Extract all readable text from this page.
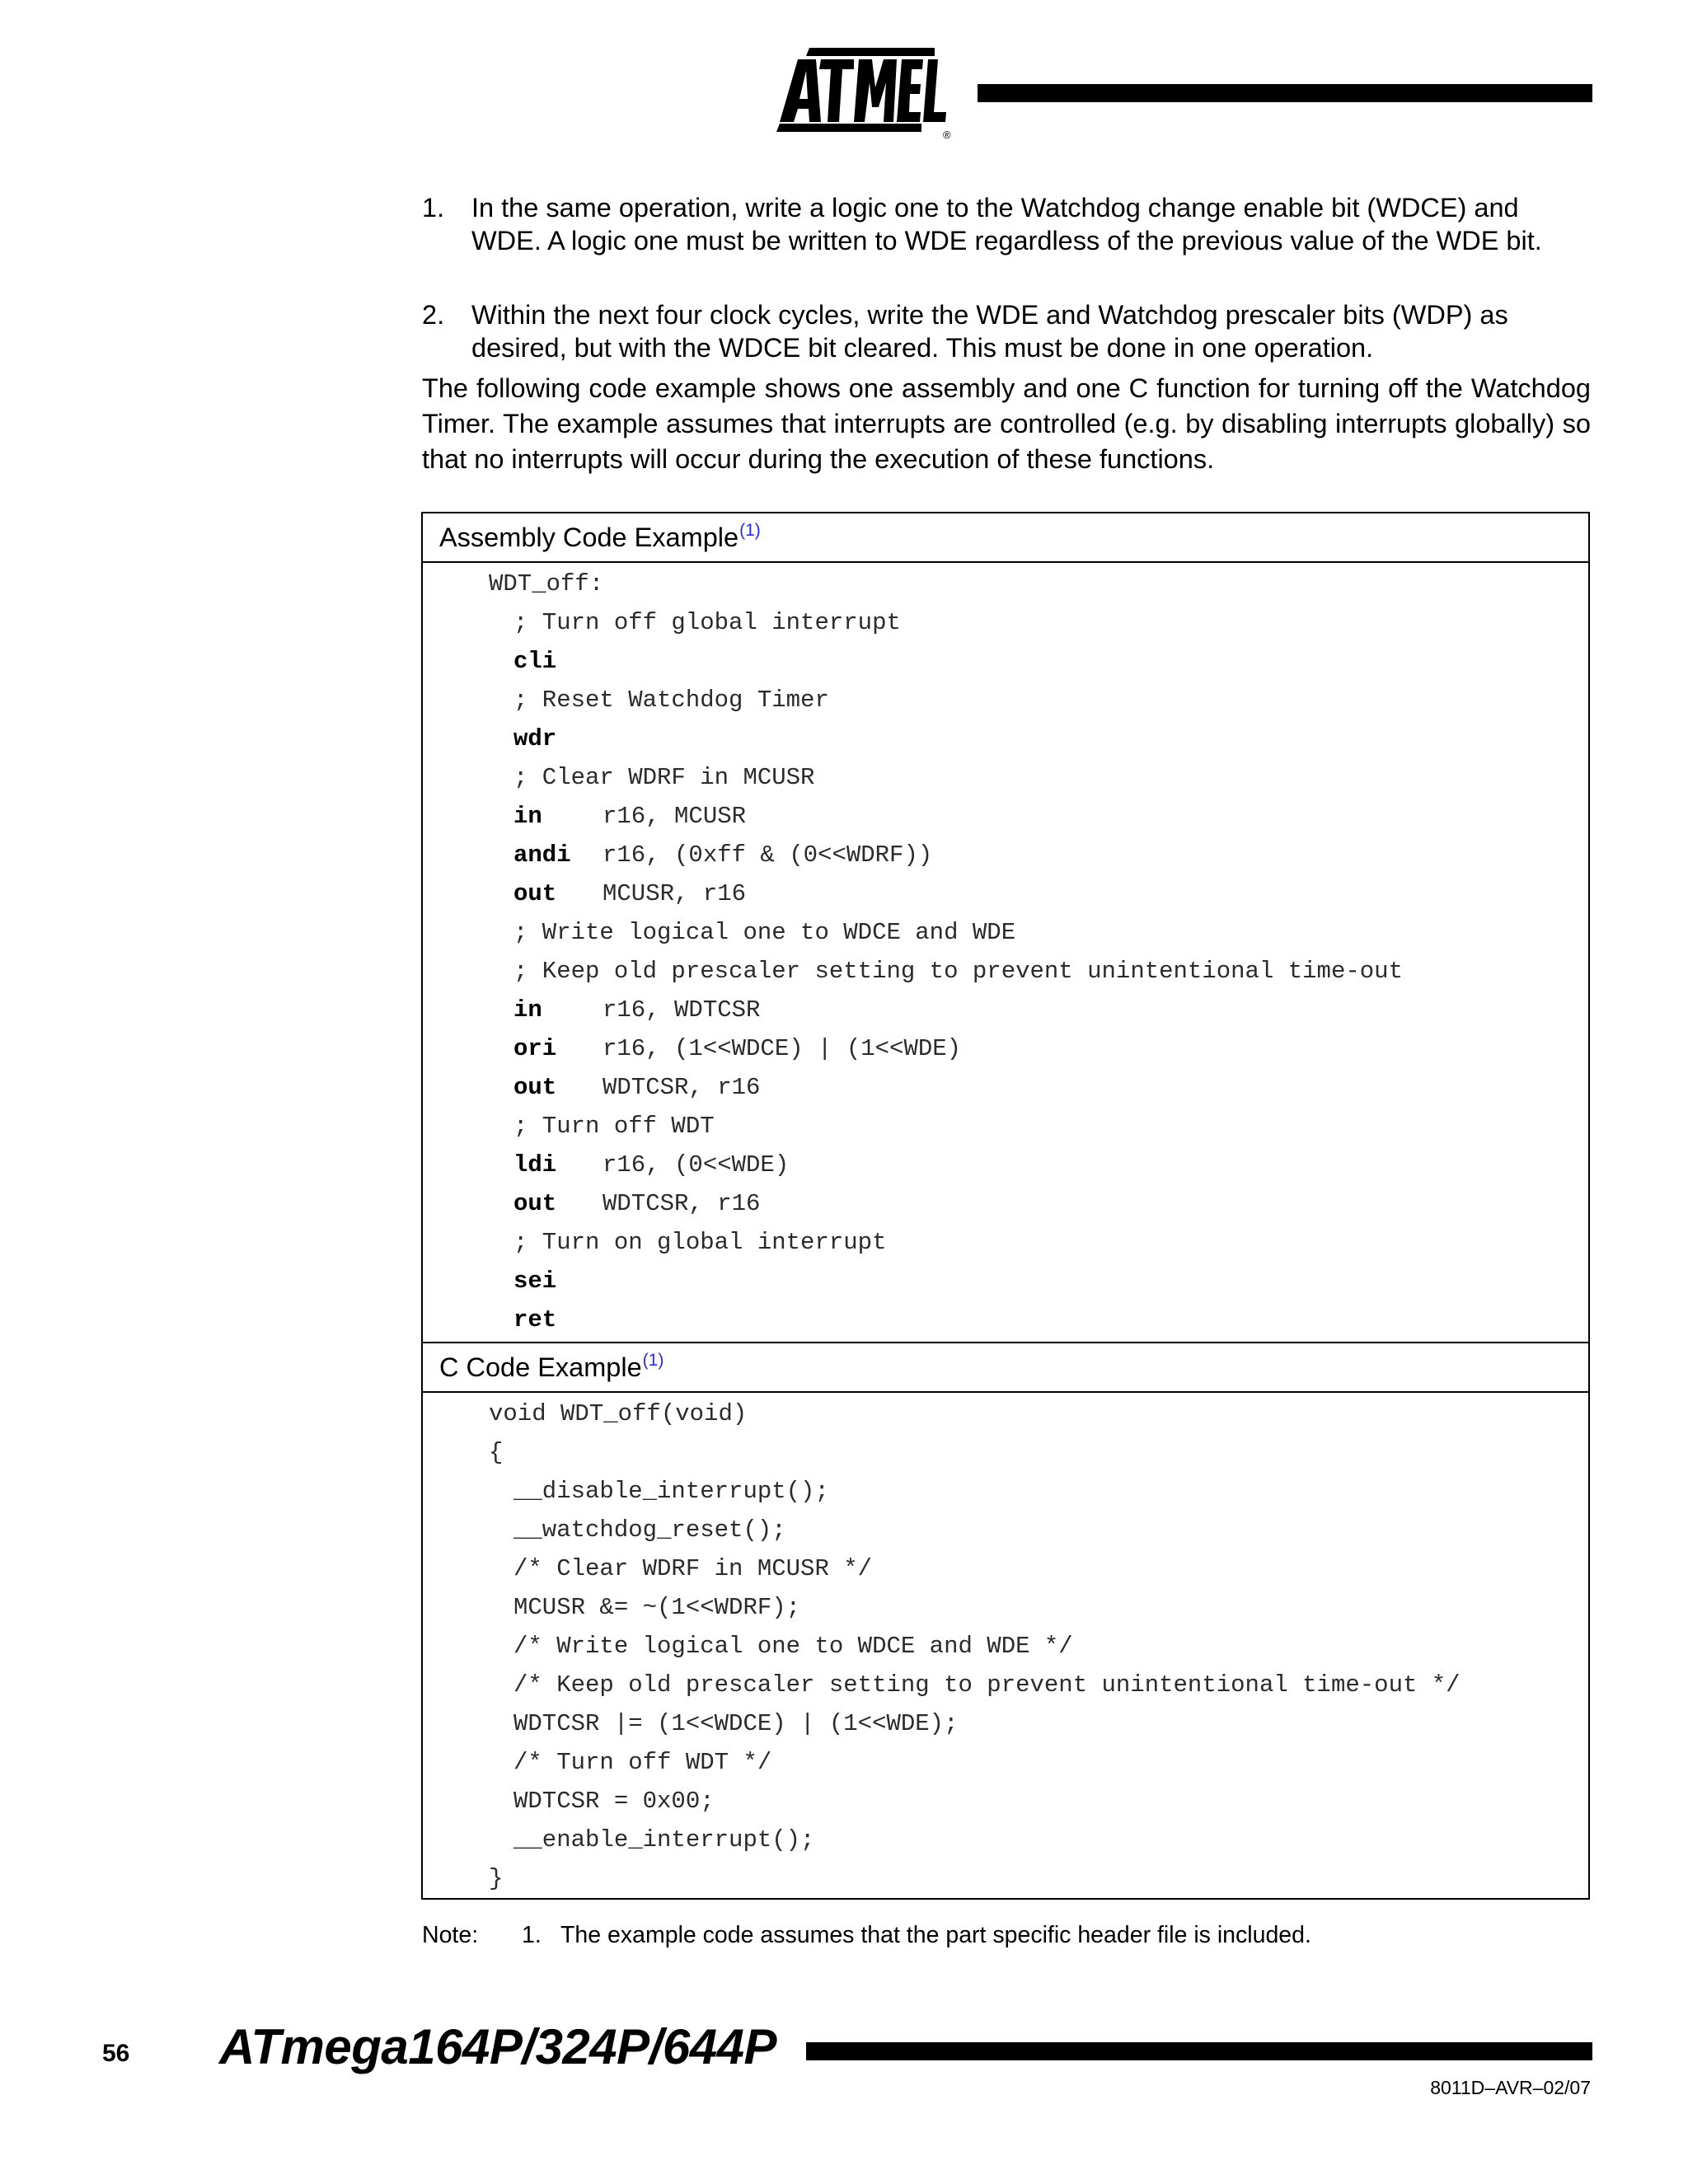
®
1. In the same operation, write a logic one to the Watchdog change enable bit (WDCE) and WDE. A logic one must be written to WDE regardless of the previous value of the WDE bit.
2. Within the next four clock cycles, write the WDE and Watchdog prescaler bits (WDP) as desired, but with the WDCE bit cleared. This must be done in one operation.
The following code example shows one assembly and one C function for turning off the Watchdog Timer. The example assumes that interrupts are controlled (e.g. by disabling interrupts globally) so that no interrupts will occur during the execution of these functions.
Assembly Code Example$^{(1)}$
WDT_off:
; Turn off global interrupt
cli
; Reset Watchdog Timer
wdr
; Clear WDRF in MCUSR
in	r16, MCUSR
andi r16, (0xff & (0<<WDRF))
out MCUSR, r16
; Write logical one to WDCE and WDE
; Keep old prescaler setting to prevent unintentional time-out
in	r16, WDTCSR
ori r16, (1<<WDCE) | (1<<WDE)
out WDTCSR, r16
; Turn off WDT
ldi r16, (0<<WDE)
out WDTCSR, r16
; Turn on global interrupt
sei
ret
C Code Example$^{(1)}$
void WDT_off(void)
{
__disable_interrupt();
__watchdog_reset();
/* Clear WDRF in MCUSR */
MCUSR &= ~(1<<WDRF);
/* Write logical one to WDCE and WDE */
/* Keep old prescaler setting to prevent unintentional time-out */
WDTCSR |= (1<<WDCE) | (1<<WDE);
/* Turn off WDT */
WDTCSR = 0x00;
__enable_interrupt();
}
Note: 1. The example code assumes that the part specific header file is included.
56 ATmega164P/324P/644P
8011D–AVR–02/07
